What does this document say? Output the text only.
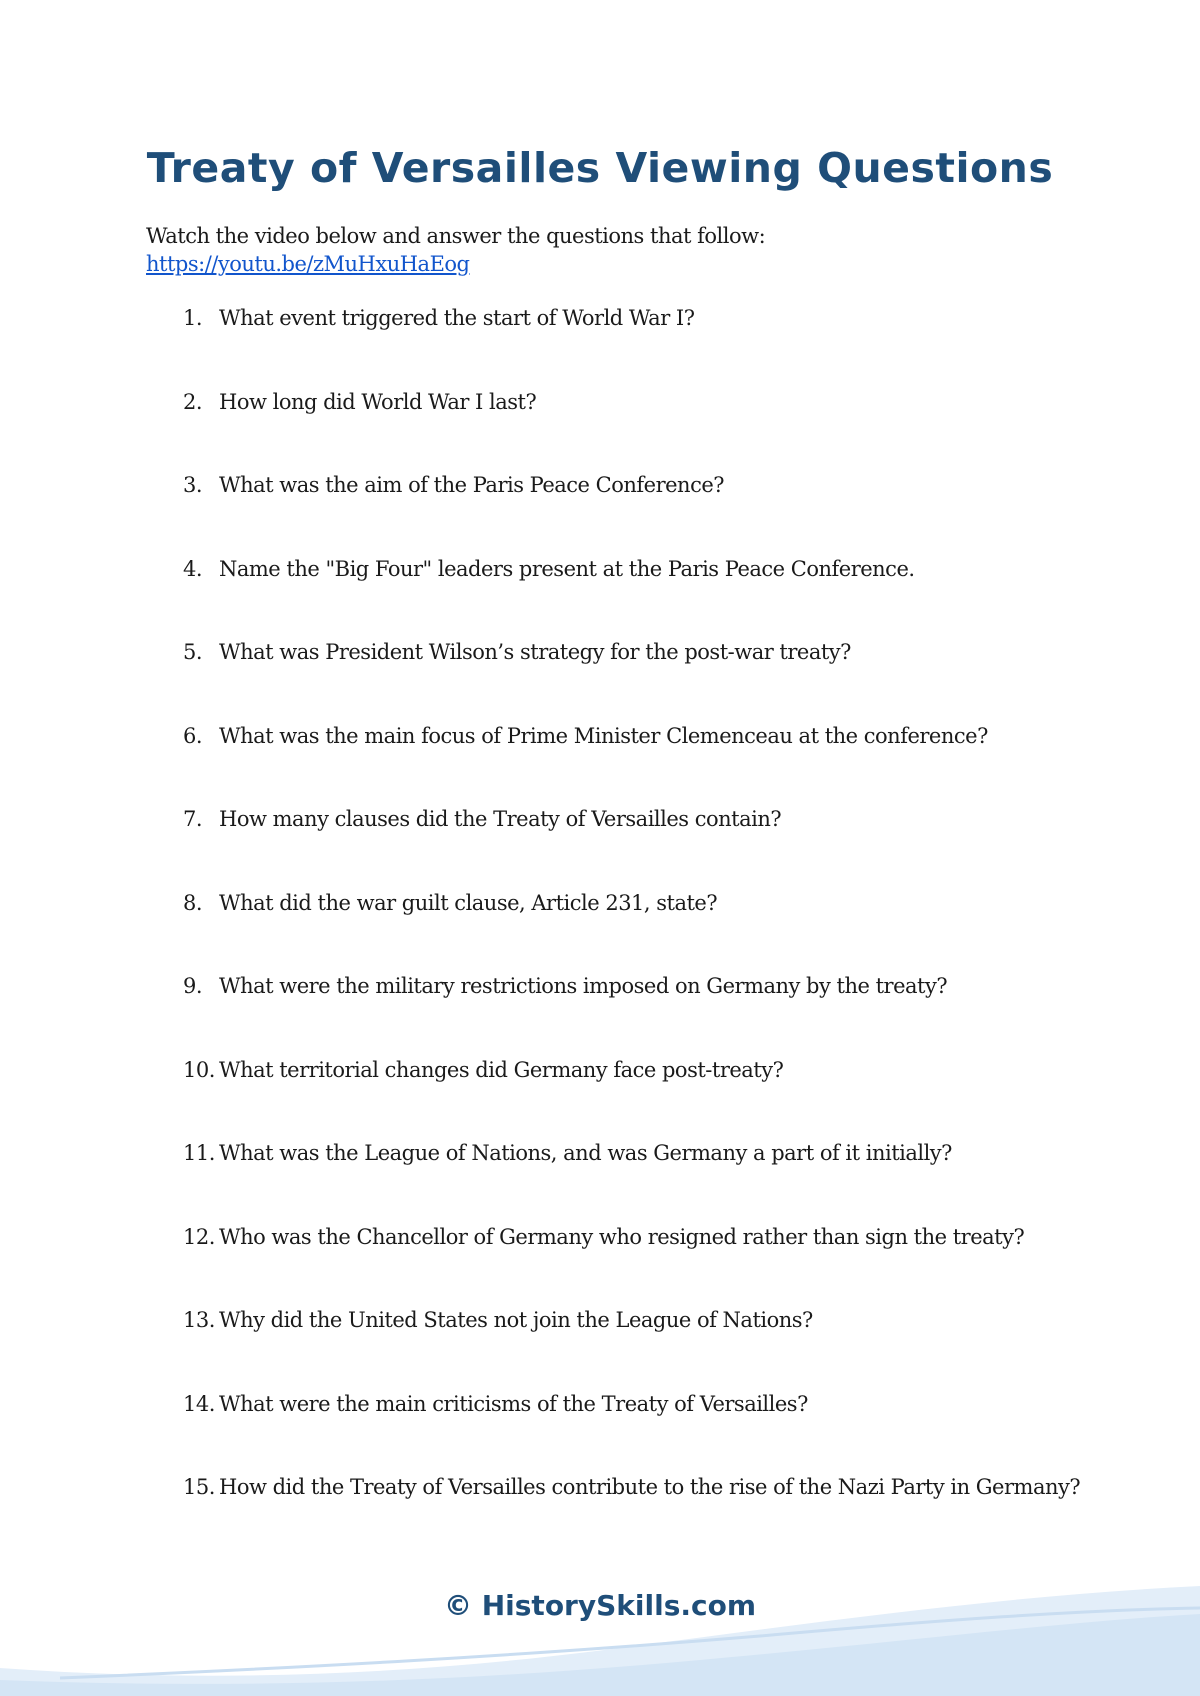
Treaty of Versailles Viewing Questions
Watch the video below and answer the questions that follow:
https://youtu.be/zMuHxuHaEog
1. What event triggered the start of World War I?
2. How long did World War I last?
3. What was the aim of the Paris Peace Conference?
4. Name the "Big Four" leaders present at the Paris Peace Conference.
5. What was President Wilson’s strategy for the post-war treaty?
6. What was the main focus of Prime Minister Clemenceau at the conference?
7. How many clauses did the Treaty of Versailles contain?
8. What did the war guilt clause, Article 231, state?
9. What were the military restrictions imposed on Germany by the treaty?
10. What territorial changes did Germany face post-treaty?
11. What was the League of Nations, and was Germany a part of it initially?
12. Who was the Chancellor of Germany who resigned rather than sign the treaty?
13. Why did the United States not join the League of Nations?
14. What were the main criticisms of the Treaty of Versailles?
15. How did the Treaty of Versailles contribute to the rise of the Nazi Party in Germany?
© HistorySkills.com
